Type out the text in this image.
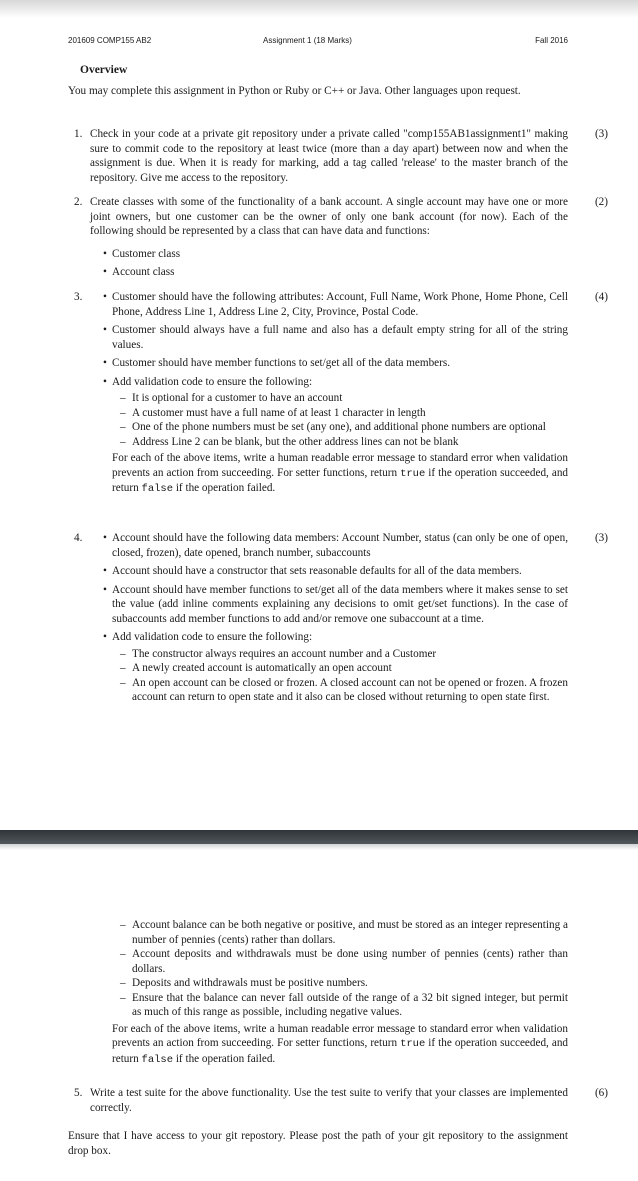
201609 COMP155 AB2	Assignment 1 (18 Marks)	Fall 2016
Overview
You may complete this assignment in Python or Ruby or C++ or Java. Other languages upon request.
1.	(3)
Check in your code at a private git repository under a private called "comp155AB1assignment1" making sure to commit code to the repository at least twice (more than a day apart) between now and when the assignment is due. When it is ready for marking, add a tag called 'release' to the master branch of the repository. Give me access to the repository.
2.	(2)
Create classes with some of the functionality of a bank account. A single account may have one or more joint owners, but one customer can be the owner of only one bank account (for now). Each of the following should be represented by a class that can have data and functions:
• Customer class
• Account class
3.	(4)
• Customer should have the following attributes: Account, Full Name, Work Phone, Home Phone, Cell Phone, Address Line 1, Address Line 2, City, Province, Postal Code.
• Customer should always have a full name and also has a default empty string for all of the string values.
• Customer should have member functions to set/get all of the data members.
• Add validation code to ensure the following:
– It is optional for a customer to have an account
– A customer must have a full name of at least 1 character in length
– One of the phone numbers must be set (any one), and additional phone numbers are optional
– Address Line 2 can be blank, but the other address lines can not be blank
For each of the above items, write a human readable error message to standard error when validation prevents an action from succeeding. For setter functions, return true if the operation succeeded, and return false if the operation failed.
4.	(3)
• Account should have the following data members: Account Number, status (can only be one of open, closed, frozen), date opened, branch number, subaccounts
• Account should have a constructor that sets reasonable defaults for all of the data members.
• Account should have member functions to set/get all of the data members where it makes sense to set the value (add inline comments explaining any decisions to omit get/set functions). In the case of subaccounts add member functions to add and/or remove one subaccount at a time.
• Add validation code to ensure the following:
– The constructor always requires an account number and a Customer
– A newly created account is automatically an open account
– An open account can be closed or frozen. A closed account can not be opened or frozen. A frozen account can return to open state and it also can be closed without returning to open state first.
– Account balance can be both negative or positive, and must be stored as an integer representing a number of pennies (cents) rather than dollars.
– Account deposits and withdrawals must be done using number of pennies (cents) rather than dollars.
– Deposits and withdrawals must be positive numbers.
– Ensure that the balance can never fall outside of the range of a 32 bit signed integer, but permit as much of this range as possible, including negative values.
For each of the above items, write a human readable error message to standard error when validation prevents an action from succeeding. For setter functions, return true if the operation succeeded, and return false if the operation failed.
5.	(6)
Write a test suite for the above functionality. Use the test suite to verify that your classes are implemented correctly.
Ensure that I have access to your git repostory. Please post the path of your git repository to the assignment drop box.
